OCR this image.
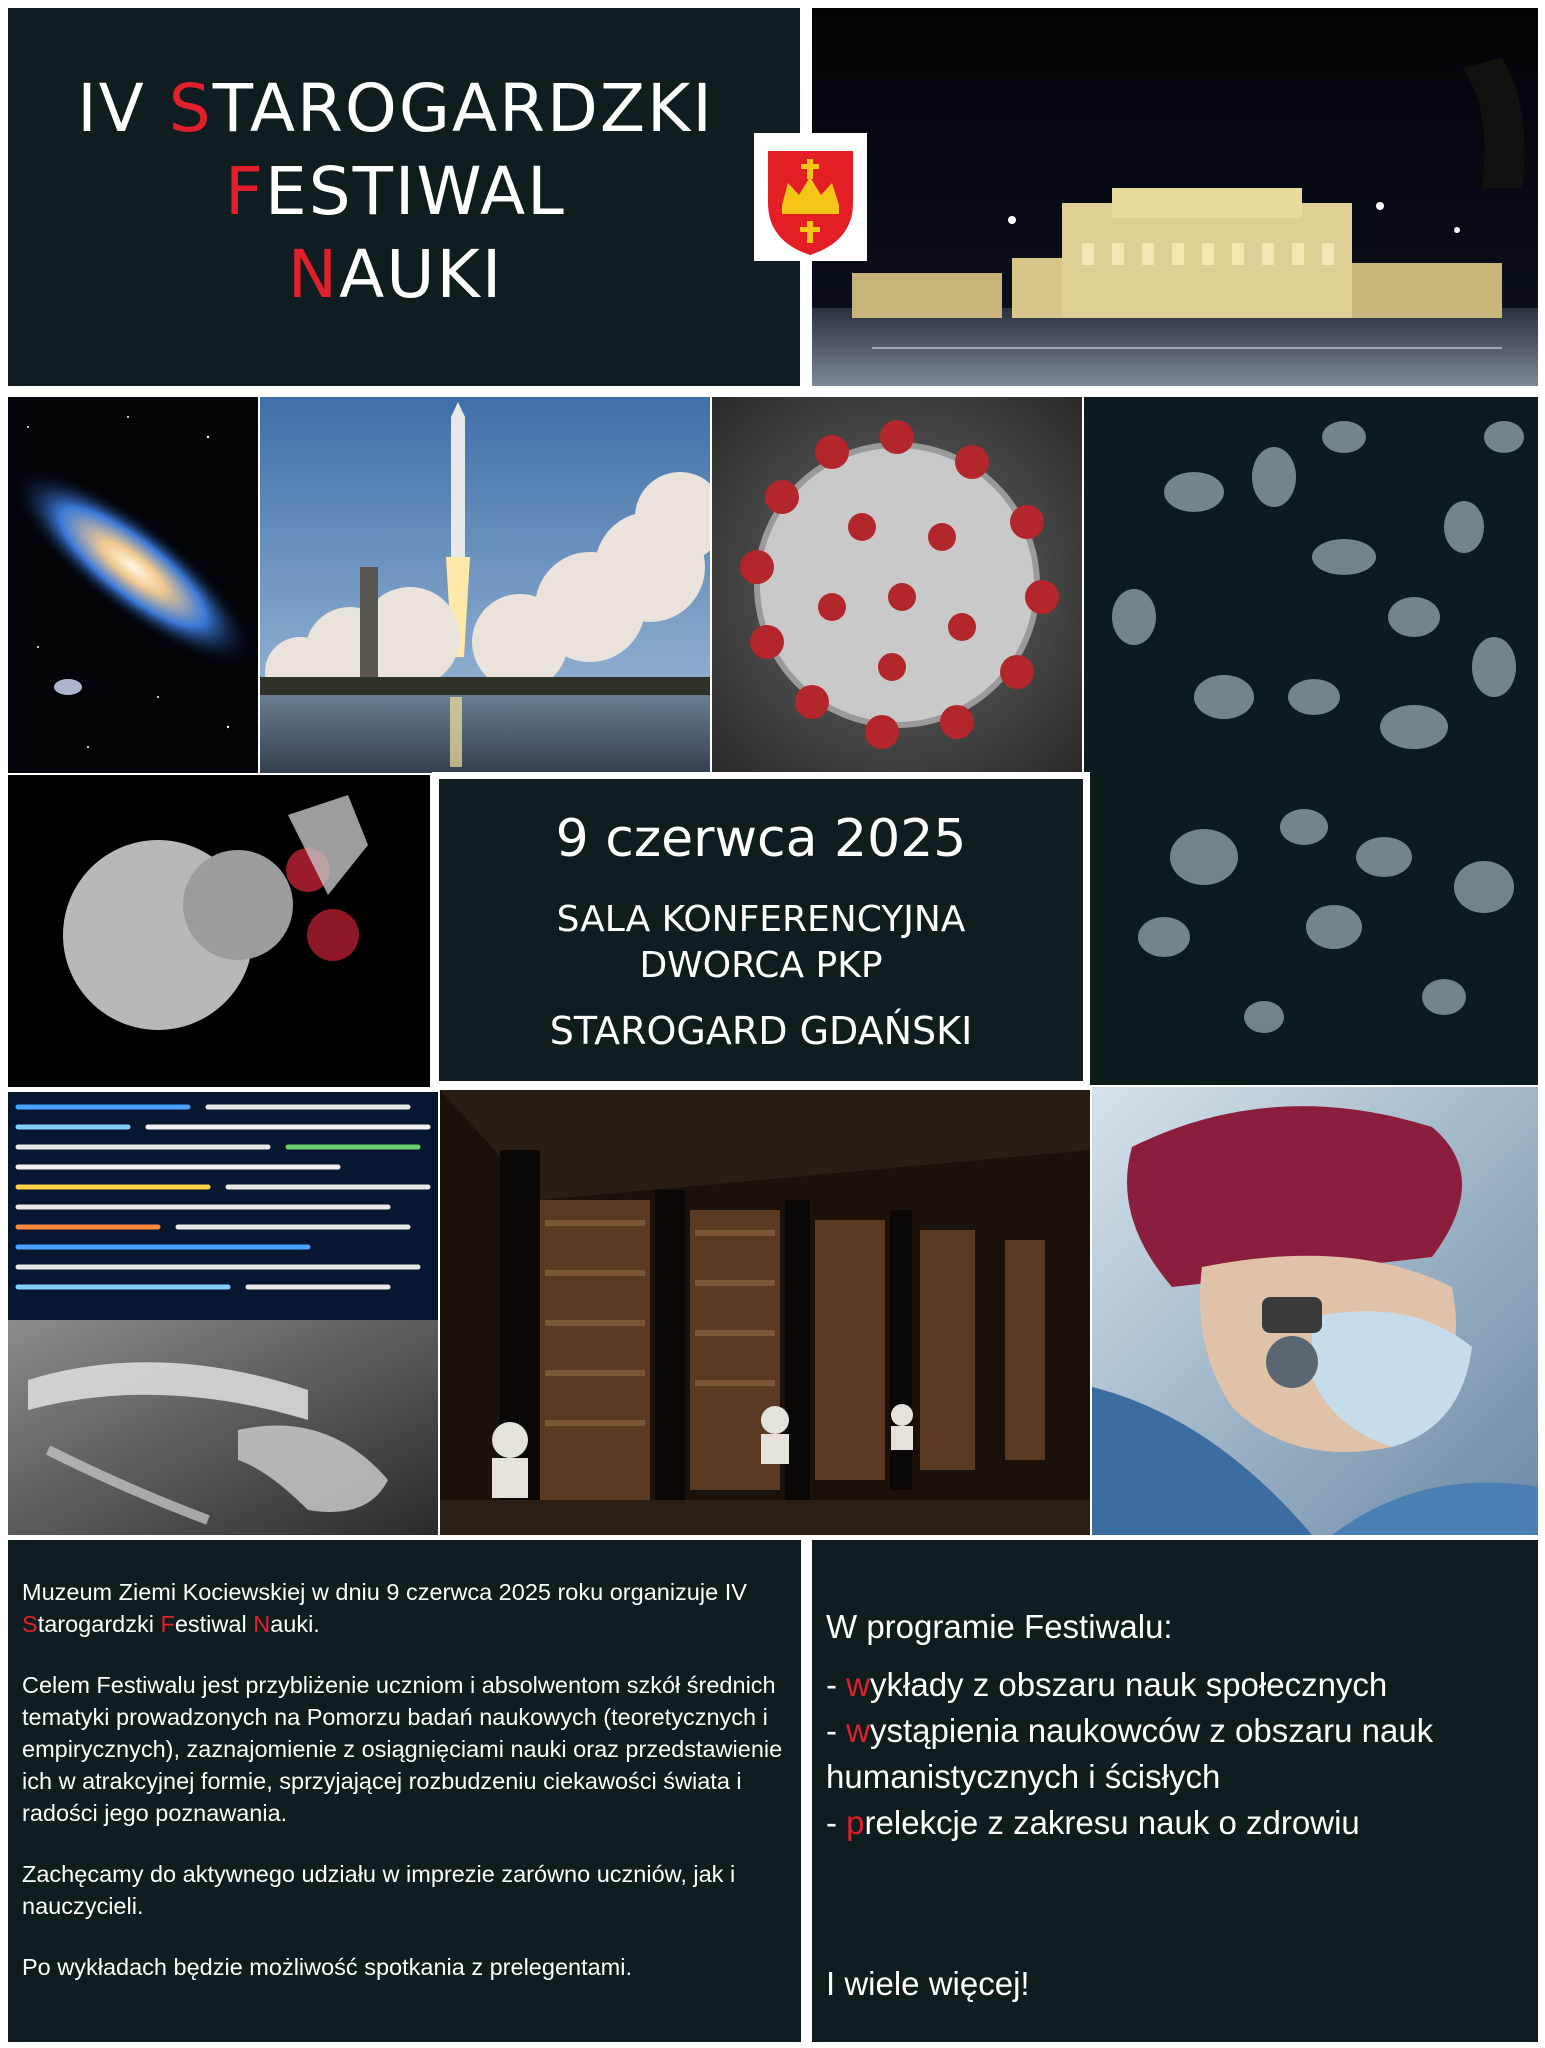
IV STAROGARDZKI
FESTIWAL
NAUKI
9 czerwca 2025
SALA KONFERENCYJNA
DWORCA PKP
STAROGARD GDAŃSKI

Muzeum Ziemi Kociewskiej w dniu 9 czerwca 2025 roku organizuje IV Starogardzki Festiwal Nauki.

Celem Festiwalu jest przybliżenie uczniom i absolwentom szkół średnich tematyki prowadzonych na Pomorzu badań naukowych (teoretycznych i empirycznych), zaznajomienie z osiągnięciami nauki oraz przedstawienie ich w atrakcyjnej formie, sprzyjającej rozbudzeniu ciekawości świata i radości jego poznawania.

Zachęcamy do aktywnego udziału w imprezie zarówno uczniów, jak i nauczycieli.

Po wykładach będzie możliwość spotkania z prelegentami.

W programie Festiwalu:

- wykłady z obszaru nauk społecznych

- wystąpienia naukowców z obszaru nauk humanistycznych i ścisłych

- prelekcje z zakresu nauk o zdrowiu

I wiele więcej!
